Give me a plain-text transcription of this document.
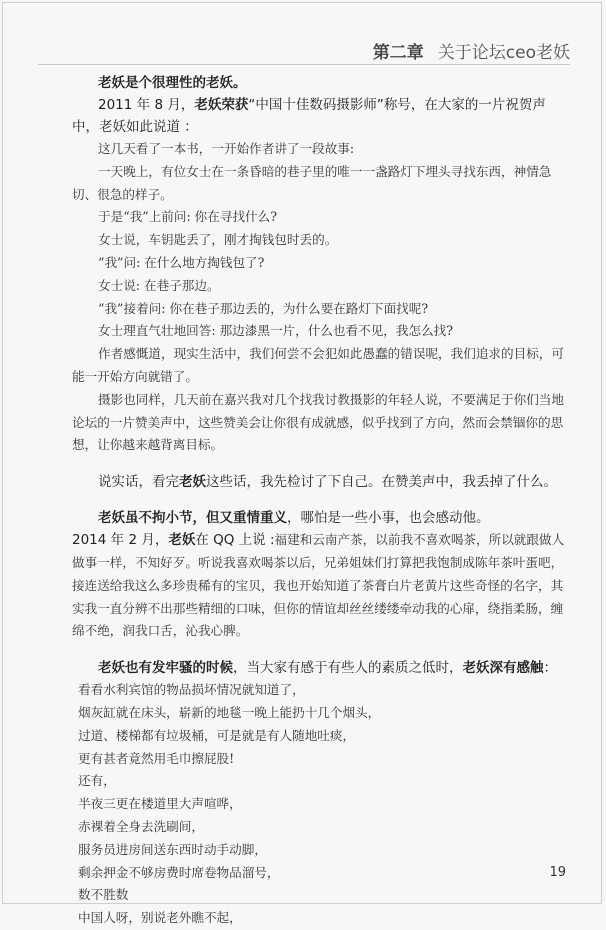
第二章 关于论坛ceo老妖

老妖是个很理性的老妖。

2011 年 8 月，老妖荣获“中国十佳数码摄影师”称号，在大家的一片祝贺声中，老妖如此说道 ：

这几天看了一本书，一开始作者讲了一段故事:

一天晚上，有位女士在一条昏暗的巷子里的唯一一盏路灯下埋头寻找东西，神情急切、很急的样子。

于是“我”上前问: 你在寻找什么?

女士说，车钥匙丢了，刚才掏钱包时丢的。

“我”问: 在什么地方掏钱包了?

女士说: 在巷子那边。

“我”接着问: 你在巷子那边丢的，为什么要在路灯下面找呢?

女士理直气壮地回答: 那边漆黑一片，什么也看不见，我怎么找?

作者感慨道，现实生活中，我们何尝不会犯如此愚蠢的错误呢，我们追求的目标，可能一开始方向就错了。

摄影也同样，几天前在嘉兴我对几个找我讨教摄影的年轻人说，不要满足于你们当地论坛的一片赞美声中，这些赞美会让你很有成就感，似乎找到了方向，然而会禁锢你的思想，让你越来越背离目标。

说实话，看完老妖这些话，我先检讨了下自己。在赞美声中，我丢掉了什么。

老妖虽不拘小节，但又重情重义，哪怕是一些小事，也会感动他。

2014 年 2 月，老妖在 QQ 上说 :

福建和云南产茶，以前我不喜欢喝茶，所以就跟做人做事一样，不知好歹。听说我喜欢喝茶以后，兄弟姐妹们打算把我饱制成陈年茶叶蛋吧，接连送给我这么多珍贵稀有的宝贝，我也开始知道了茶膏白片老黄片这些奇怪的名字，其实我一直分辨不出那些精细的口味，但你的情谊却丝丝缕缕牵动我的心扉，绕指柔肠，缠绵不绝，润我口舌，沁我心脾。

老妖也有发牢骚的时候，当大家有感于有些人的素质之低时，老妖深有感触：

看看水利宾馆的物品损坏情况就知道了，

烟灰缸就在床头，崭新的地毯一晚上能扔十几个烟头，

过道、楼梯都有垃圾桶，可是就是有人随地吐痰，

更有甚者竟然用毛巾擦屁股!

还有，

半夜三更在楼道里大声喧哗，

赤裸着全身去洗刷间，

服务员进房间送东西时动手动脚，

剩余押金不够房费时席卷物品溜号，

数不胜数

中国人呀，别说老外瞧不起，

19
